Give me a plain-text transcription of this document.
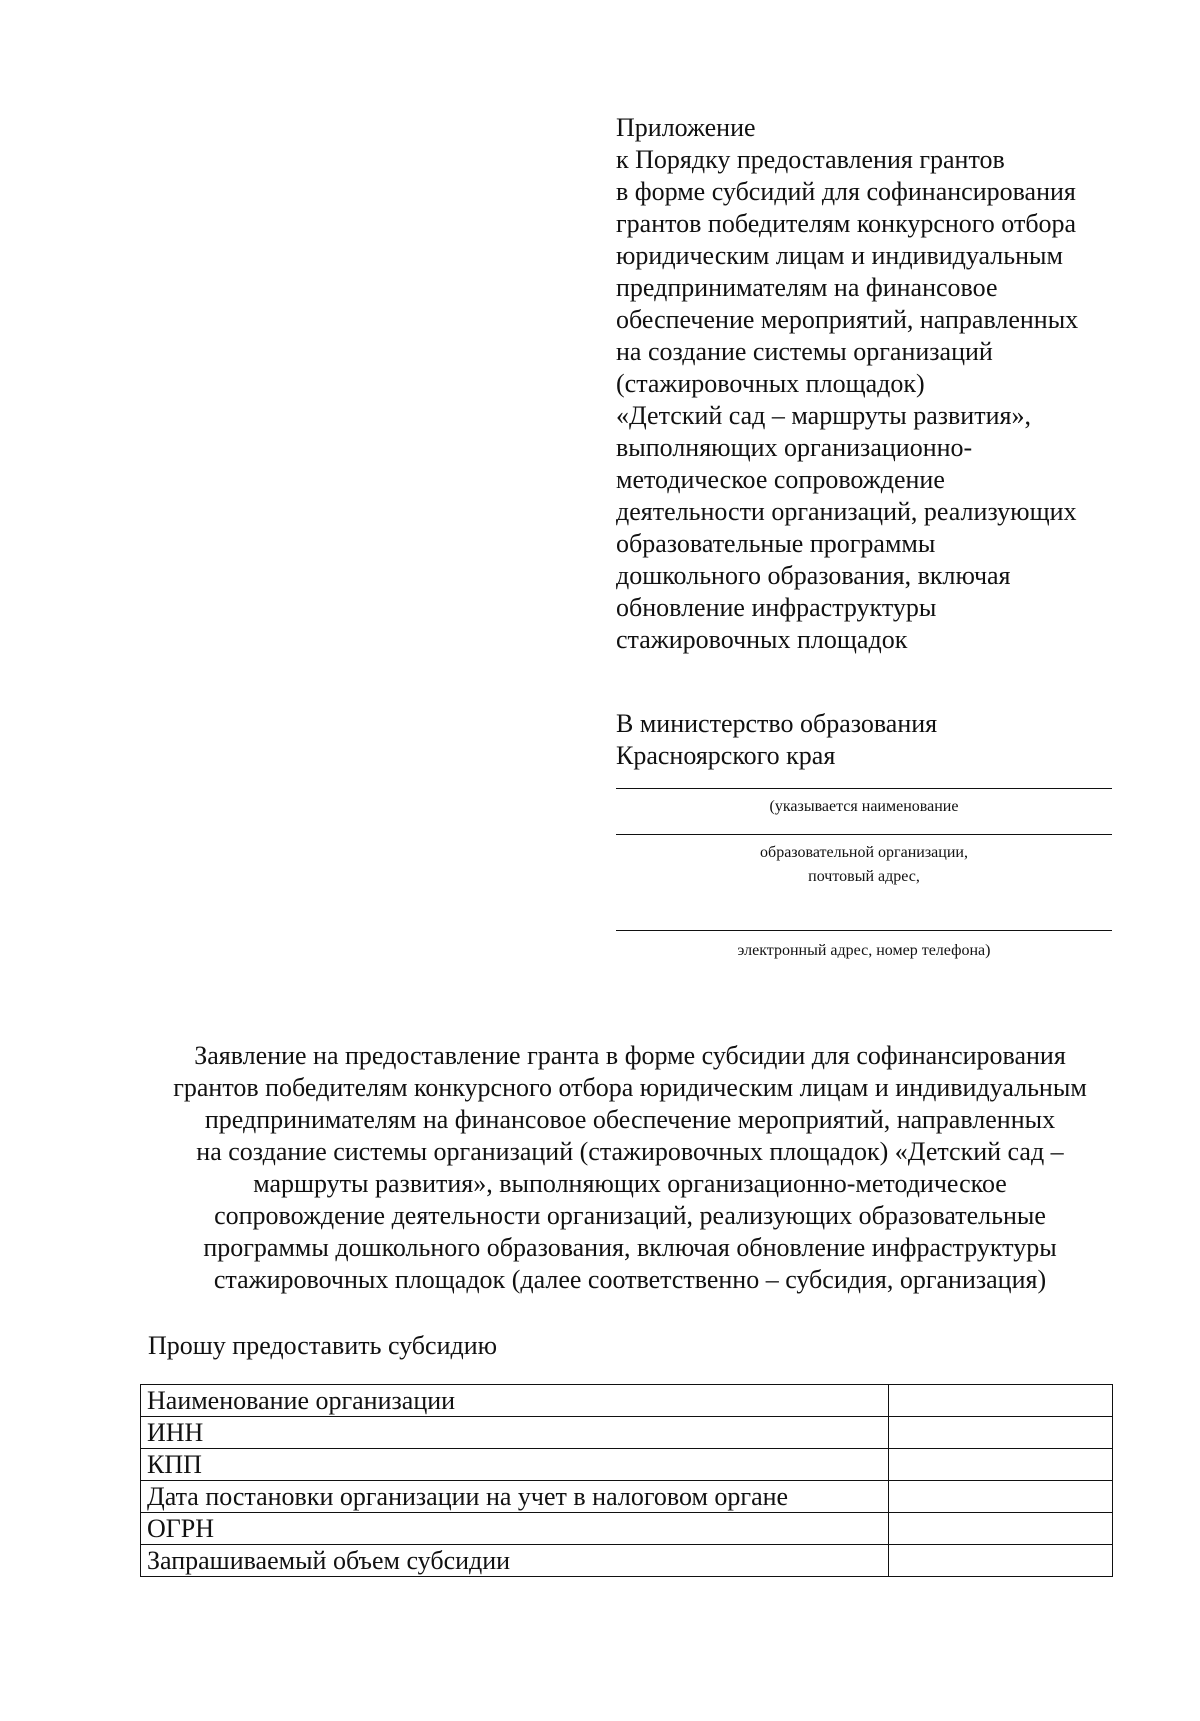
Приложение
к Порядку предоставления грантов
в форме субсидий для софинансирования
грантов победителям конкурсного отбора
юридическим лицам и индивидуальным
предпринимателям на финансовое
обеспечение мероприятий, направленных
на создание системы организаций
(стажировочных площадок)
«Детский сад – маршруты развития»,
выполняющих организационно-
методическое сопровождение
деятельности организаций, реализующих
образовательные программы
дошкольного образования, включая
обновление инфраструктуры
стажировочных площадок
В министерство образования
Красноярского края
(указывается наименование
образовательной организации,
почтовый адрес,
электронный адрес, номер телефона)
Заявление на предоставление гранта в форме субсидии для софинансирования
грантов победителям конкурсного отбора юридическим лицам и индивидуальным
предпринимателям на финансовое обеспечение мероприятий, направленных
на создание системы организаций (стажировочных площадок) «Детский сад –
маршруты развития», выполняющих организационно-методическое
сопровождение деятельности организаций, реализующих образовательные
программы дошкольного образования, включая обновление инфраструктуры
стажировочных площадок (далее соответственно – субсидия, организация)
Прошу предоставить субсидию
Наименование организации	
ИНН	
КПП	
Дата постановки организации на учет в налоговом органе	
ОГРН	
Запрашиваемый объем субсидии	
